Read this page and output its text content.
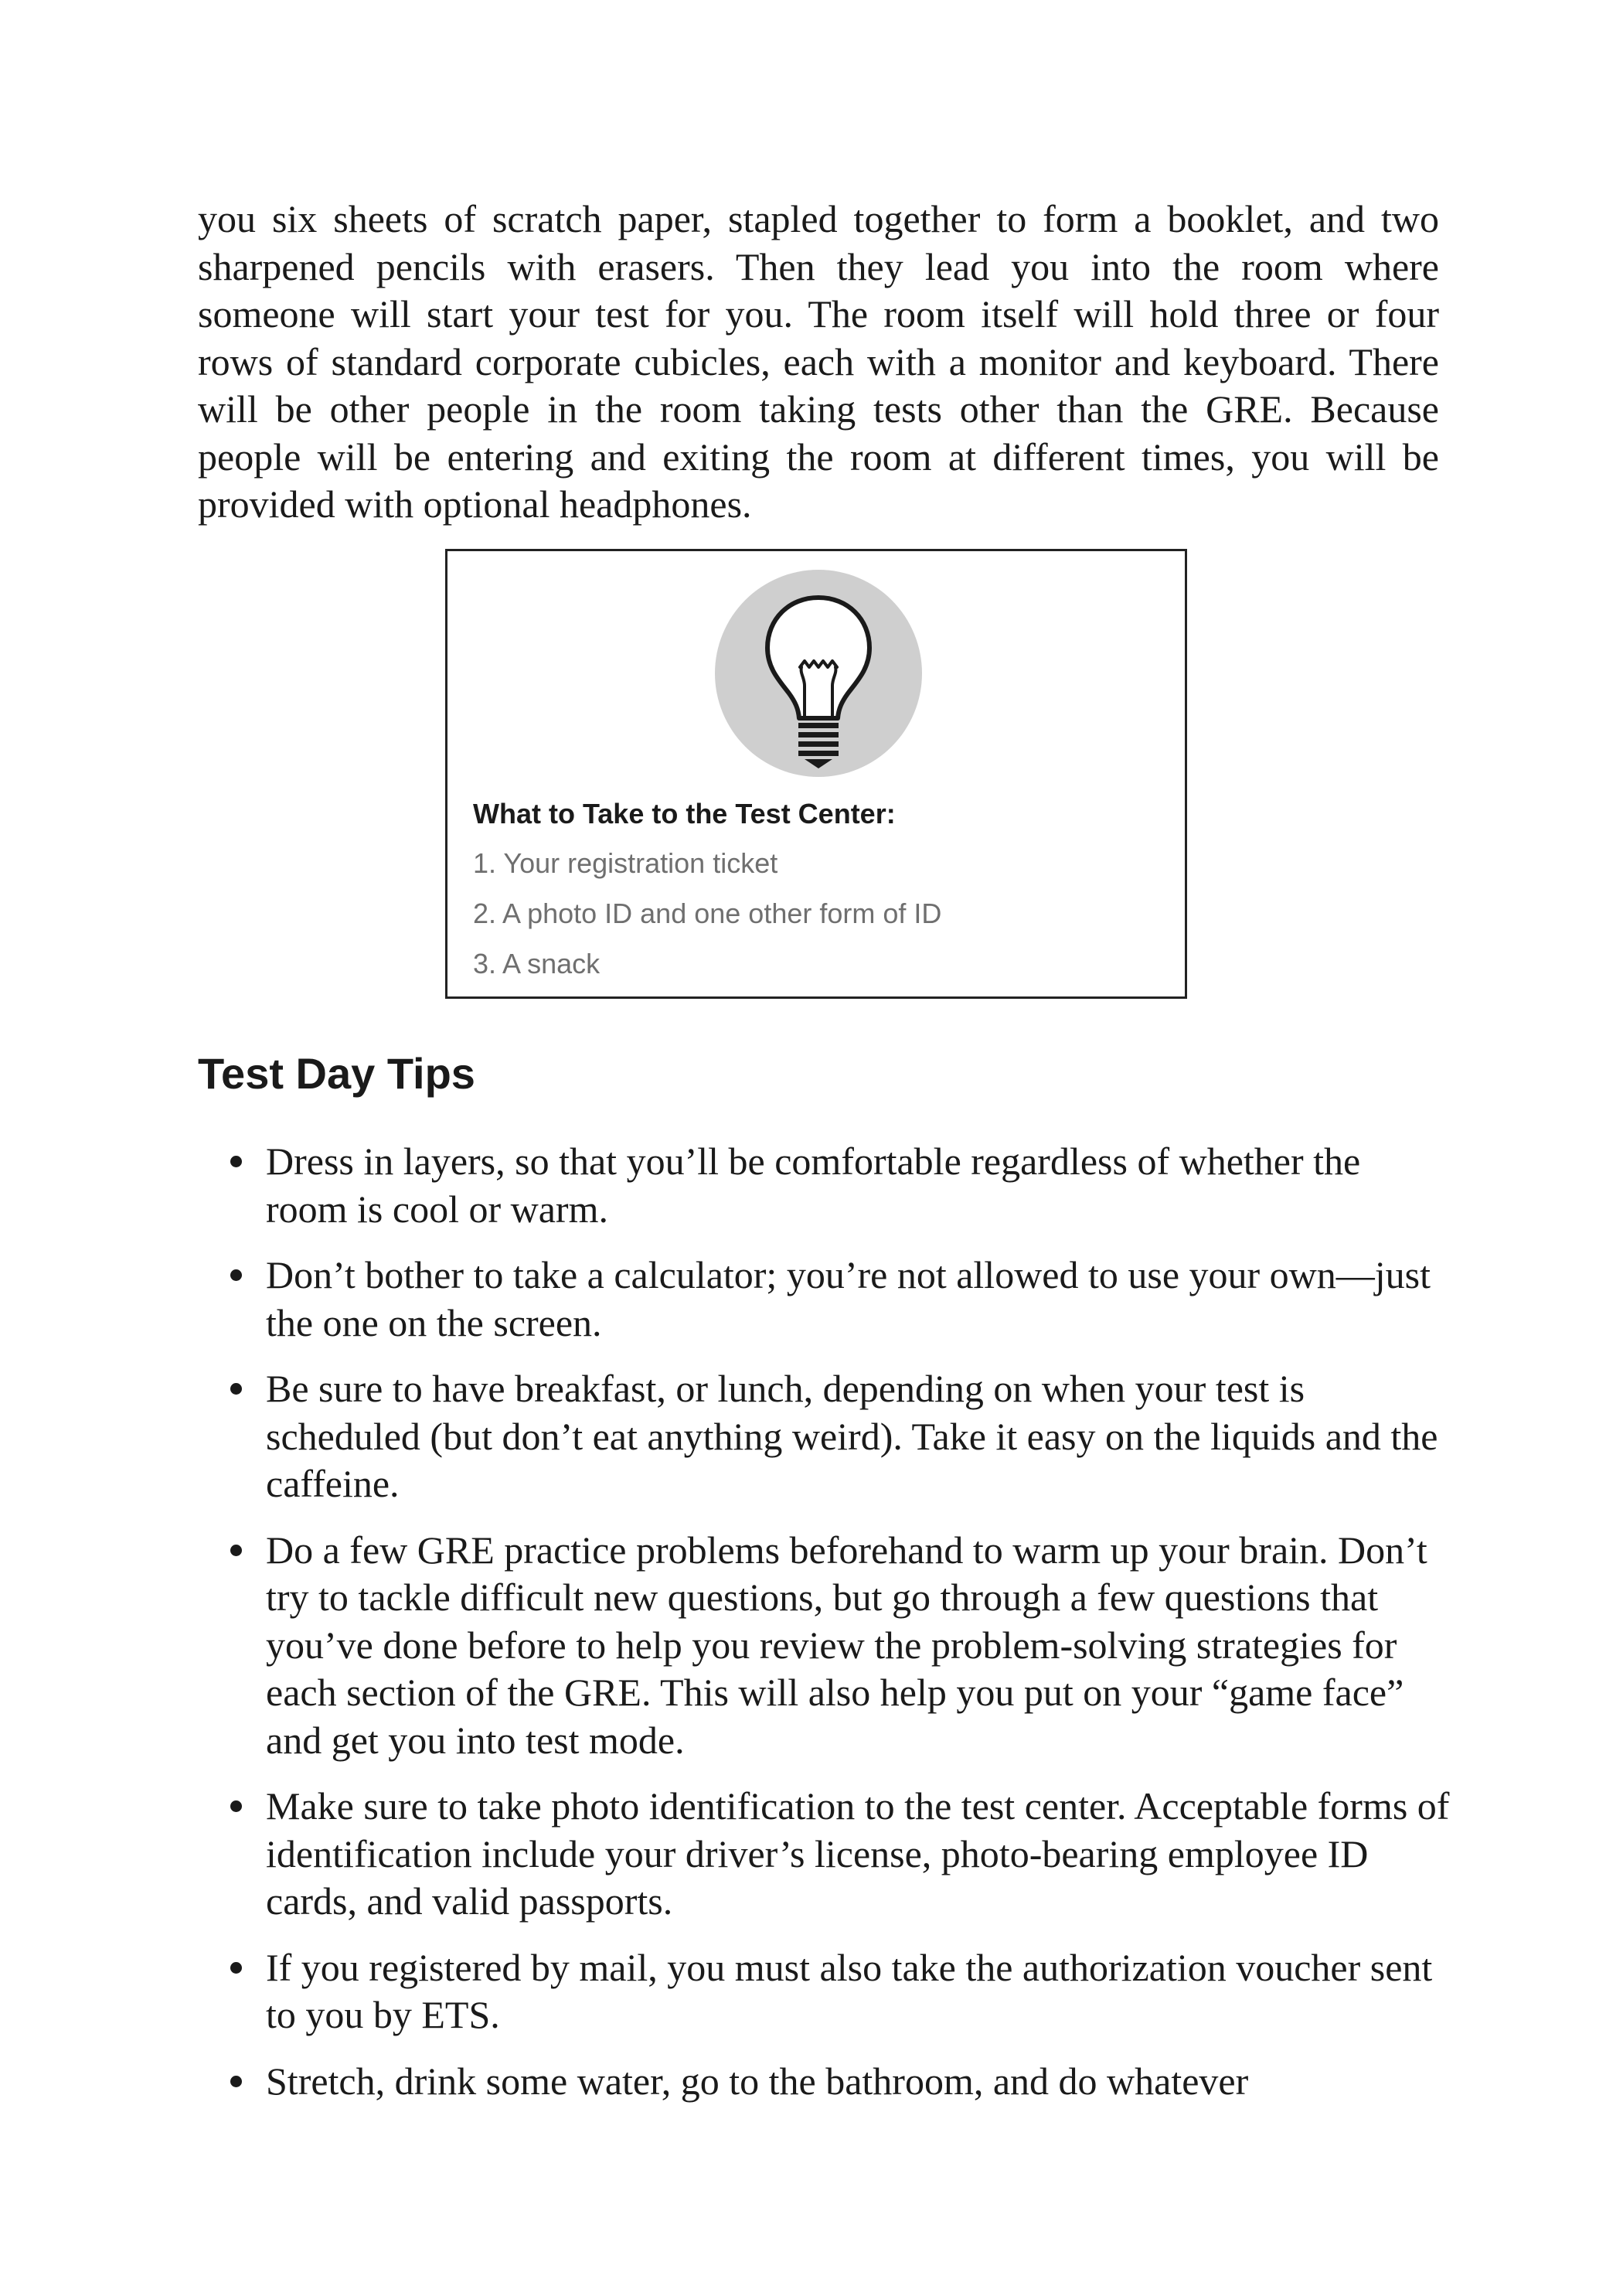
you six sheets of scratch paper, stapled together to form a booklet, and two sharpened pencils with erasers. Then they lead you into the room where someone will start your test for you. The room itself will hold three or four rows of standard corporate cubicles, each with a monitor and keyboard. There will be other people in the room taking tests other than the GRE. Because people will be entering and exiting the room at different times, you will be provided with optional headphones.

What to Take to the Test Center:

1. Your registration ticket
2. A photo ID and one other form of ID
3. A snack
Test Day Tips
Dress in layers, so that you’ll be comfortable regardless of whether the room is cool or warm.
Don’t bother to take a calculator; you’re not allowed to use your own—just the one on the screen.
Be sure to have breakfast, or lunch, depending on when your test is scheduled (but don’t eat anything weird). Take it easy on the liquids and the caffeine.
Do a few GRE practice problems beforehand to warm up your brain. Don’t try to tackle difficult new questions, but go through a few questions that you’ve done before to help you review the problem-solving strategies for each section of the GRE. This will also help you put on your “game face” and get you into test mode.
Make sure to take photo identification to the test center. Acceptable forms of identification include your driver’s license, photo-bearing employee ID cards, and valid passports.
If you registered by mail, you must also take the authorization voucher sent to you by ETS.
Stretch, drink some water, go to the bathroom, and do whatever
